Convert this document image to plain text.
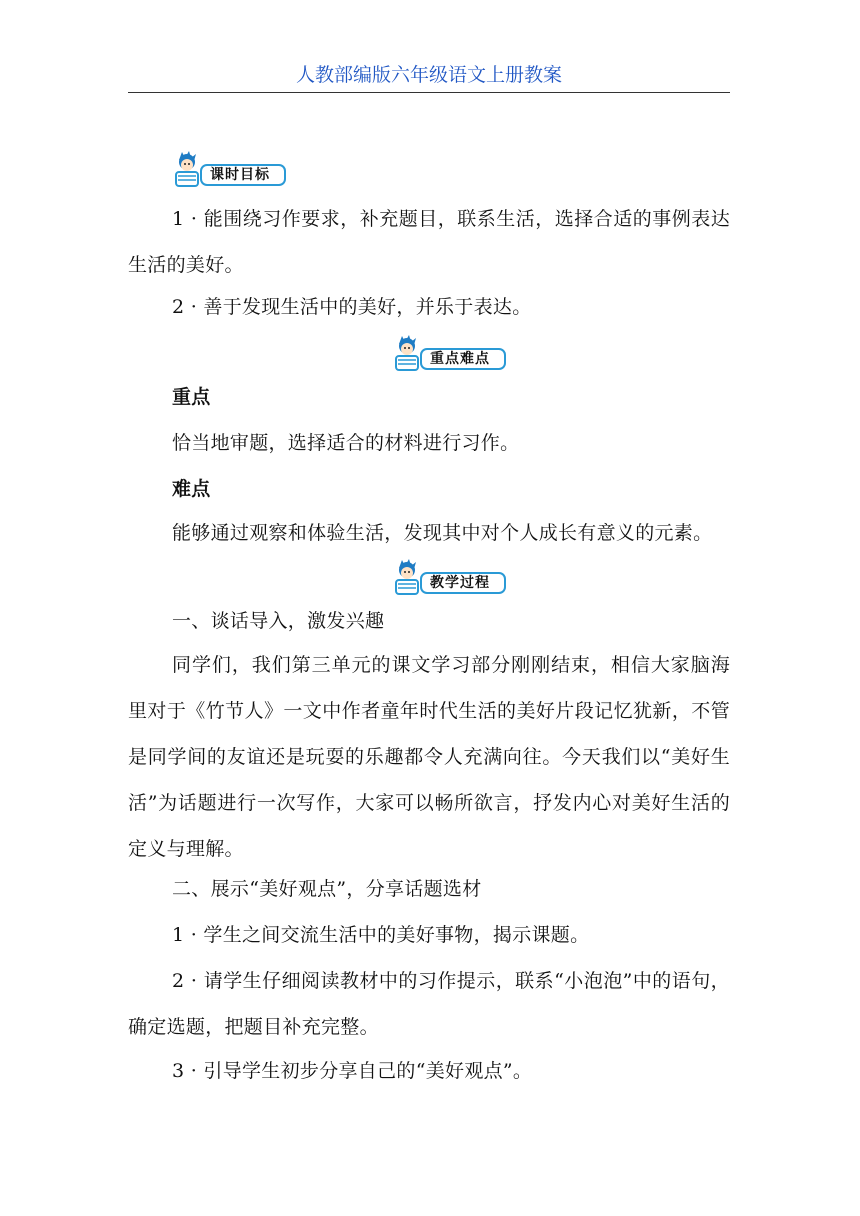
人教部编版六年级语文上册教案
课时目标
1 · 能围绕习作要求，补充题目，联系生活，选择合适的事例表达生活的美好。
2 · 善于发现生活中的美好，并乐于表达。
重点难点
重点
恰当地审题，选择适合的材料进行习作。
难点
能够通过观察和体验生活，发现其中对个人成长有意义的元素。
教学过程
一、谈话导入，激发兴趣
同学们，我们第三单元的课文学习部分刚刚结束，相信大家脑海里对于《竹节人》一文中作者童年时代生活的美好片段记忆犹新，不管是同学间的友谊还是玩耍的乐趣都令人充满向往。今天我们以“美好生活”为话题进行一次写作，大家可以畅所欲言，抒发内心对美好生活的定义与理解。
二、展示“美好观点”，分享话题选材
1 · 学生之间交流生活中的美好事物，揭示课题。
2 · 请学生仔细阅读教材中的习作提示，联系“小泡泡”中的语句，确定选题，把题目补充完整。
3 · 引导学生初步分享自己的“美好观点”。
